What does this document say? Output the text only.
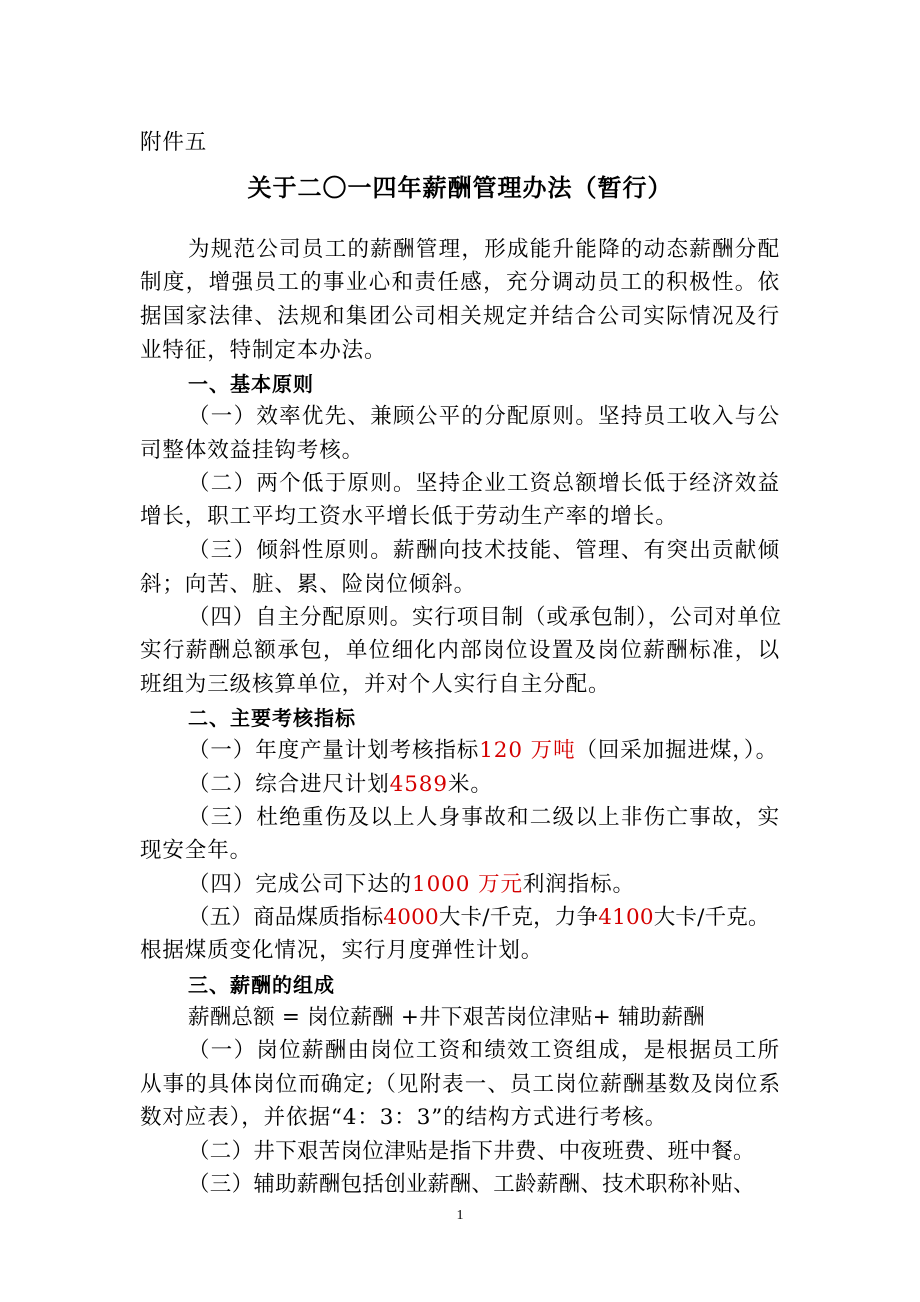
附件五
关于二〇一四年薪酬管理办法（暂行）
为规范公司员工的薪酬管理，形成能升能降的动态薪酬分配
制度，增强员工的事业心和责任感，充分调动员工的积极性。依
据国家法律、法规和集团公司相关规定并结合公司实际情况及行
业特征，特制定本办法。
一、基本原则
（一）效率优先、兼顾公平的分配原则。坚持员工收入与公
司整体效益挂钩考核。
（二）两个低于原则。坚持企业工资总额增长低于经济效益
增长，职工平均工资水平增长低于劳动生产率的增长。
（三）倾斜性原则。薪酬向技术技能、管理、有突出贡献倾
斜；向苦、脏、累、险岗位倾斜。
（四）自主分配原则。实行项目制（或承包制），公司对单位
实行薪酬总额承包，单位细化内部岗位设置及岗位薪酬标准，以
班组为三级核算单位，并对个人实行自主分配。
二、主要考核指标
（一）年度产量计划考核指标120 万吨（回采加掘进煤，）。
（二）综合进尺计划4589米。
（三）杜绝重伤及以上人身事故和二级以上非伤亡事故，实
现安全年。
（四）完成公司下达的1000 万元利润指标。
（五）商品煤质指标4000大卡/千克，力争4100大卡/千克。
根据煤质变化情况，实行月度弹性计划。
三、薪酬的组成
薪酬总额 = 岗位薪酬 +井下艰苦岗位津贴+ 辅助薪酬
（一）岗位薪酬由岗位工资和绩效工资组成，是根据员工所
从事的具体岗位而确定;（见附表一、员工岗位薪酬基数及岗位系
数对应表），并依据“4：3：3”的结构方式进行考核。
（二）井下艰苦岗位津贴是指下井费、中夜班费、班中餐。
（三）辅助薪酬包括创业薪酬、工龄薪酬、技术职称补贴、
1
